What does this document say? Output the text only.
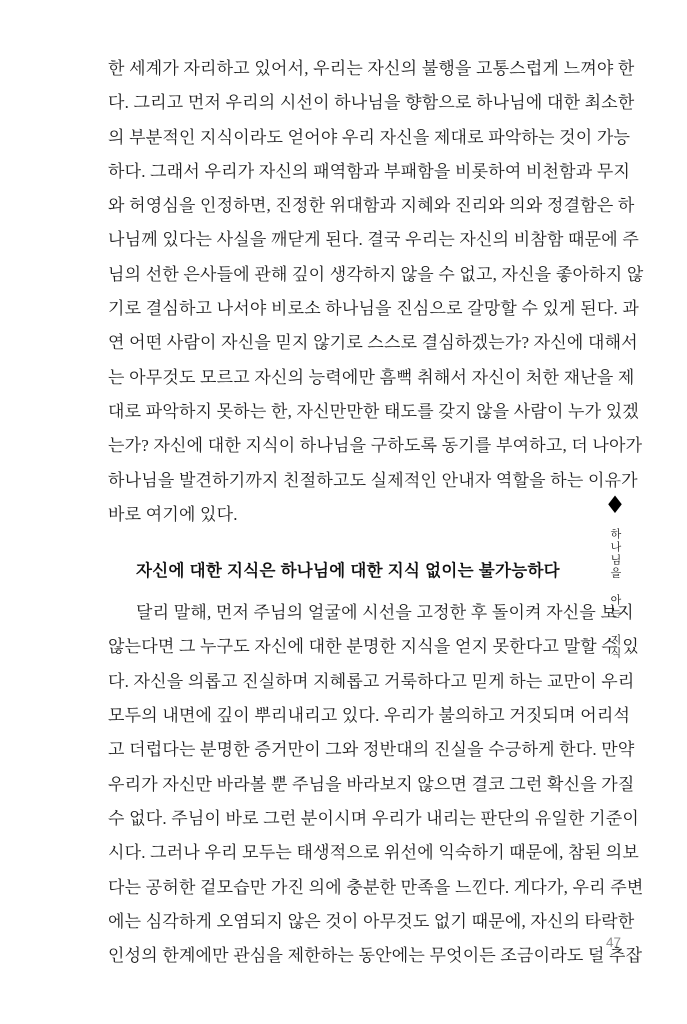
한 세계가 자리하고 있어서, 우리는 자신의 불행을 고통스럽게 느껴야 한
다. 그리고 먼저 우리의 시선이 하나님을 향함으로 하나님에 대한 최소한
의 부분적인 지식이라도 얻어야 우리 자신을 제대로 파악하는 것이 가능
하다. 그래서 우리가 자신의 패역함과 부패함을 비롯하여 비천함과 무지
와 허영심을 인정하면, 진정한 위대함과 지혜와 진리와 의와 정결함은 하
나님께 있다는 사실을 깨닫게 된다. 결국 우리는 자신의 비참함 때문에 주
님의 선한 은사들에 관해 깊이 생각하지 않을 수 없고, 자신을 좋아하지 않
기로 결심하고 나서야 비로소 하나님을 진심으로 갈망할 수 있게 된다. 과
연 어떤 사람이 자신을 믿지 않기로 스스로 결심하겠는가? 자신에 대해서
는 아무것도 모르고 자신의 능력에만 흠뻑 취해서 자신이 처한 재난을 제
대로 파악하지 못하는 한, 자신만만한 태도를 갖지 않을 사람이 누가 있겠
는가? 자신에 대한 지식이 하나님을 구하도록 동기를 부여하고, 더 나아가
하나님을 발견하기까지 친절하고도 실제적인 안내자 역할을 하는 이유가
바로 여기에 있다.
자신에 대한 지식은 하나님에 대한 지식 없이는 불가능하다
달리 말해, 먼저 주님의 얼굴에 시선을 고정한 후 돌이켜 자신을 보지
않는다면 그 누구도 자신에 대한 분명한 지식을 얻지 못한다고 말할 수 있
다. 자신을 의롭고 진실하며 지혜롭고 거룩하다고 믿게 하는 교만이 우리
모두의 내면에 깊이 뿌리내리고 있다. 우리가 불의하고 거짓되며 어리석
고 더럽다는 분명한 증거만이 그와 정반대의 진실을 수긍하게 한다. 만약
우리가 자신만 바라볼 뿐 주님을 바라보지 않으면 결코 그런 확신을 가질
수 없다. 주님이 바로 그런 분이시며 우리가 내리는 판단의 유일한 기준이
시다. 그러나 우리 모두는 태생적으로 위선에 익숙하기 때문에, 참된 의보
다는 공허한 겉모습만 가진 의에 충분한 만족을 느낀다. 게다가, 우리 주변
에는 심각하게 오염되지 않은 것이 아무것도 없기 때문에, 자신의 타락한
인성의 한계에만 관심을 제한하는 동안에는 무엇이든 조금이라도 덜 추잡
♦
하나님을 아는 지식
47
